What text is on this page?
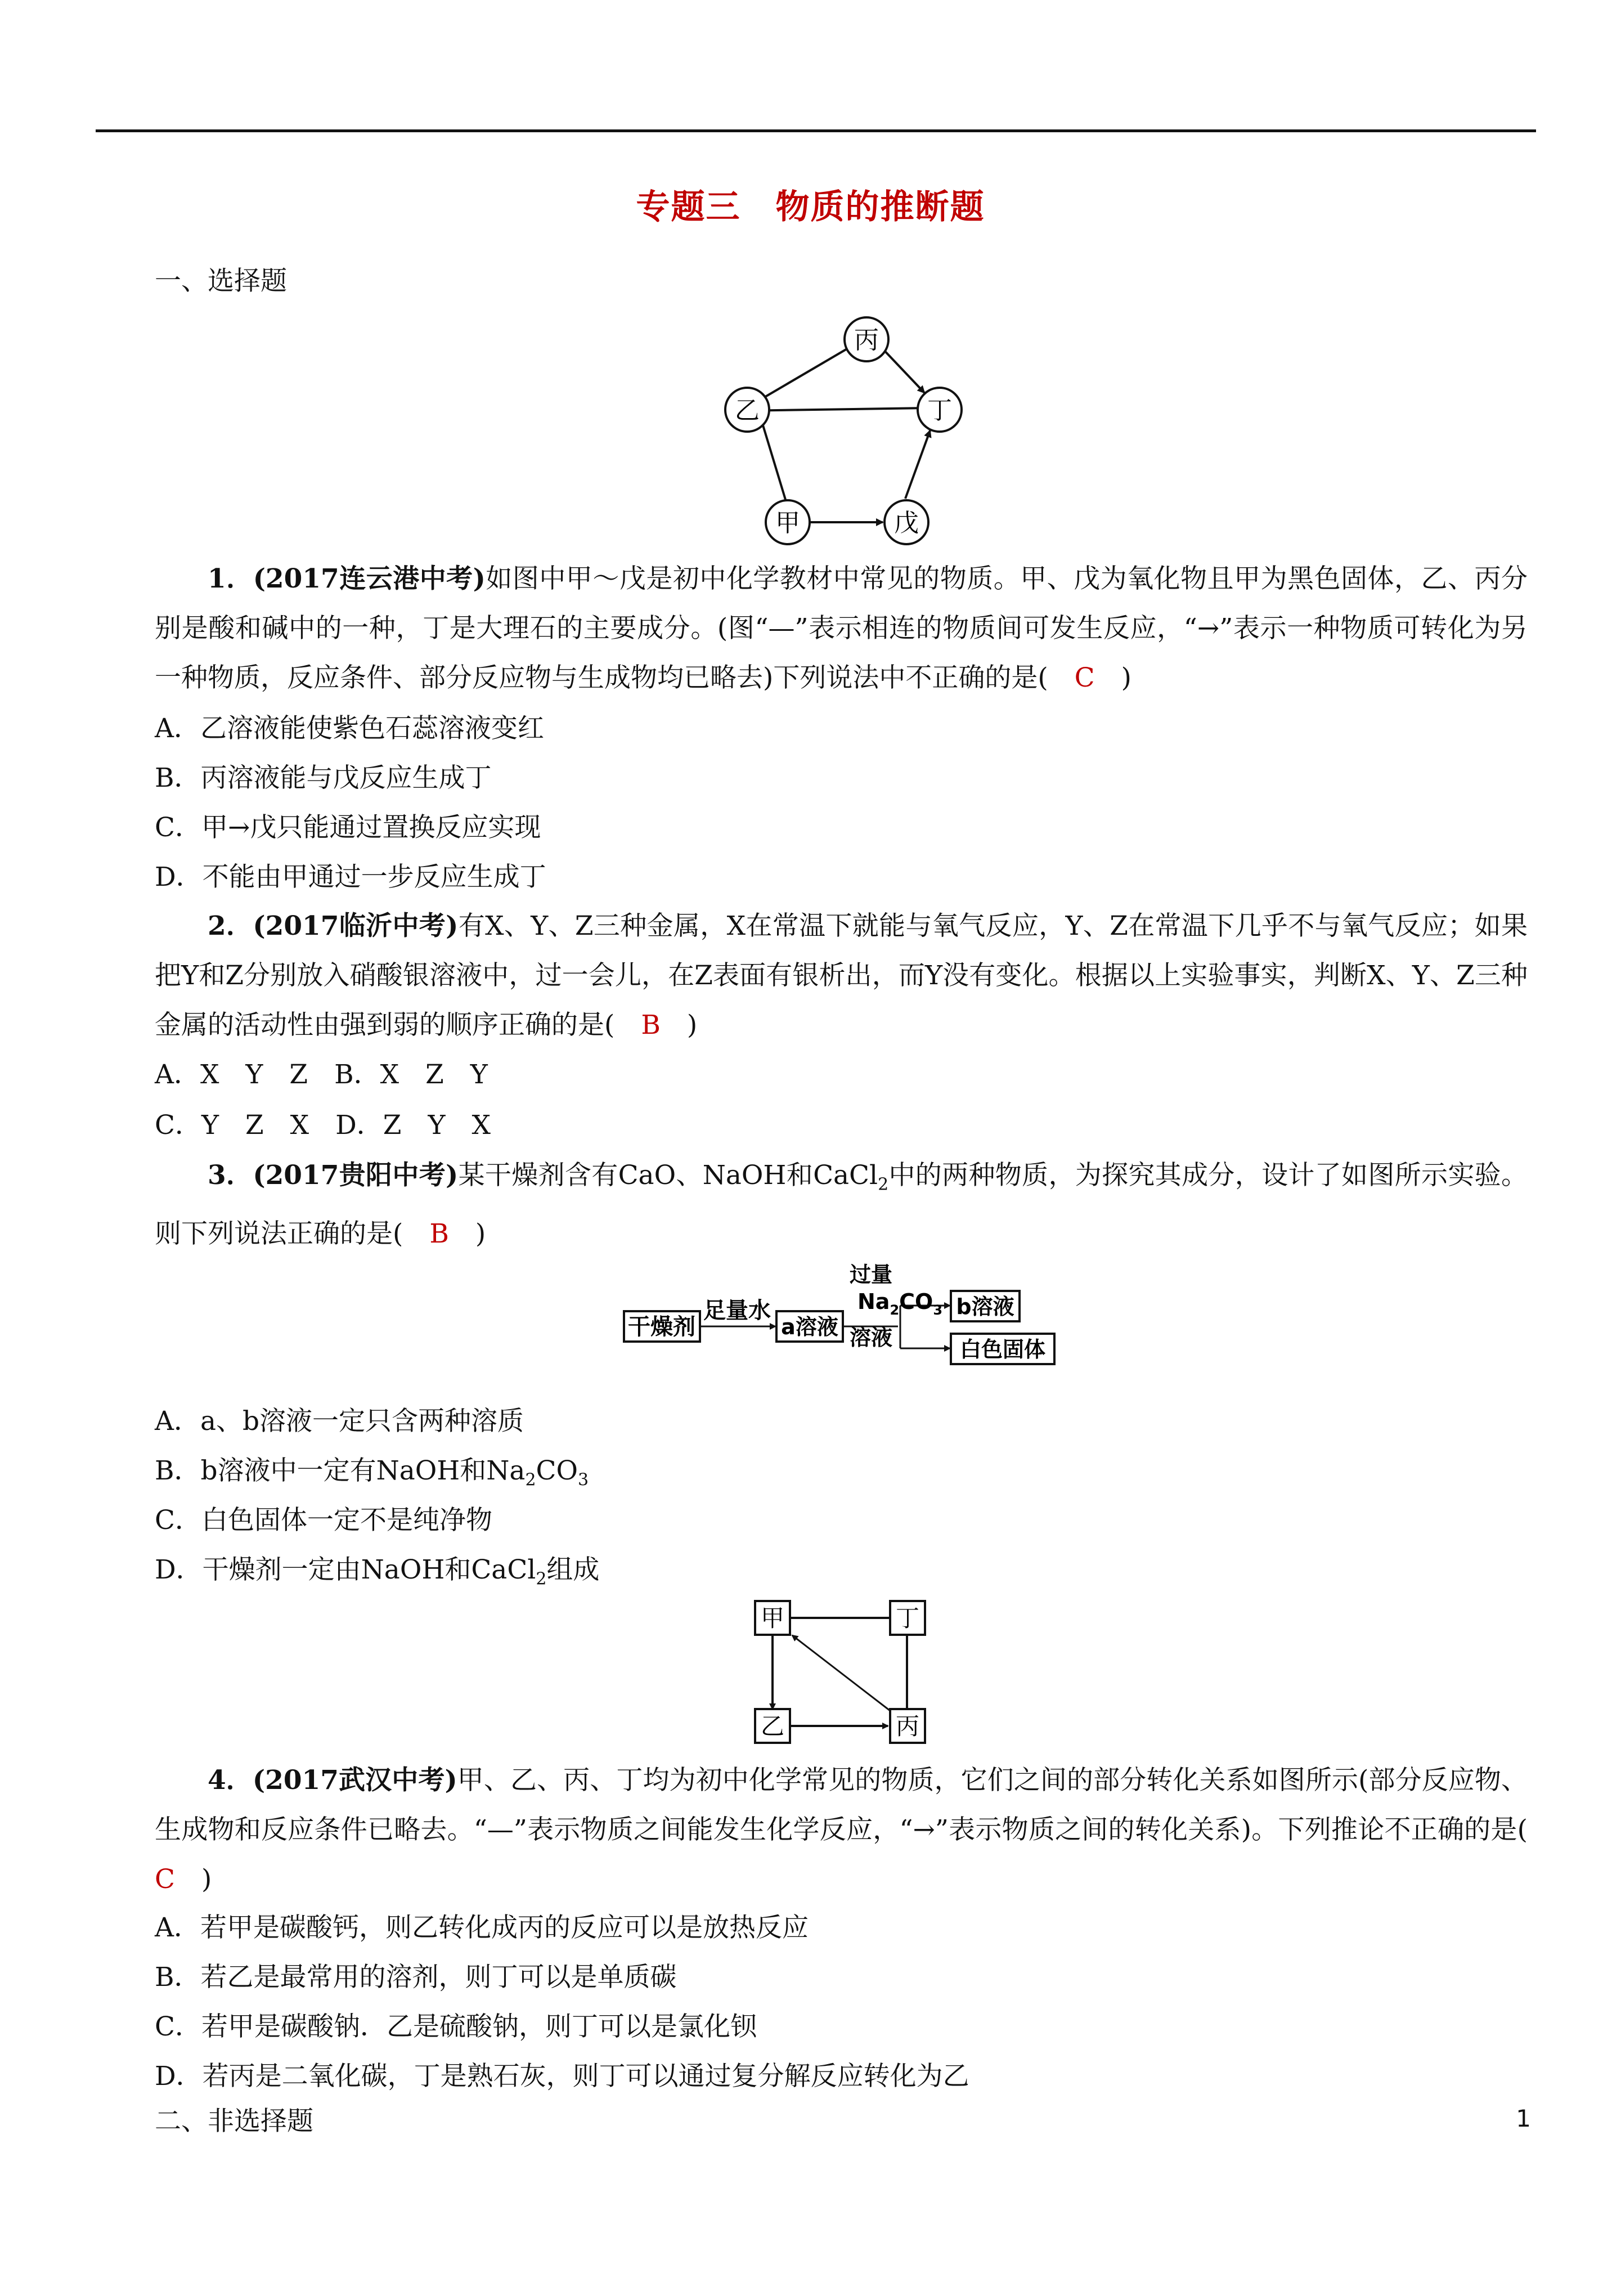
专题三　物质的推断题
一、选择题
丙
丁
乙
甲	戊
1．(2017连云港中考)如图中甲～戊是初中化学教材中常见的物质。甲、戊为氧化物且甲为黑色固体，乙、丙分别是酸和碱中的一种，丁是大理石的主要成分。(图“—”表示相连的物质间可发生反应，“→”表示一种物质可转化为另一种物质，反应条件、部分反应物与生成物均已略去)下列说法中不正确的是(　C　)
A．乙溶液能使紫色石蕊溶液变红
B．丙溶液能与戊反应生成丁
C．甲→戊只能通过置换反应实现
D．不能由甲通过一步反应生成丁
2．(2017临沂中考)有X、Y、Z三种金属，X在常温下就能与氧气反应，Y、Z在常温下几乎不与氧气反应；如果把Y和Z分别放入硝酸银溶液中，过一会儿，在Z表面有银析出，而Y没有变化。根据以上实验事实，判断X、Y、Z三种金属的活动性由强到弱的顺序正确的是(　B　)
A．X　Y　Z　B．X　Z　Y
C．Y　Z　X　D．Z　Y　X
3．(2017贵阳中考)某干燥剂含有CaO、NaOH和CaCl$_2$中的两种物质，为探究其成分，设计了如图所示实验。则下列说法正确的是(　B　)
干燥剂
足量水
a溶液
过量
$Na_2CO_3$
溶液
b溶液
白色固体
A．a、b溶液一定只含两种溶质
B．b溶液中一定有NaOH和$Na_2CO_3$
C．白色固体一定不是纯净物
D．干燥剂一定由NaOH和CaCl$_2$组成
甲	丁
乙	丙
4．(2017武汉中考)甲、乙、丙、丁均为初中化学常见的物质，它们之间的部分转化关系如图所示(部分反应物、生成物和反应条件已略去。“—”表示物质之间能发生化学反应，“→”表示物质之间的转化关系)。下列推论不正确的是(　C　)
A．若甲是碳酸钙，则乙转化成丙的反应可以是放热反应
B．若乙是最常用的溶剂，则丁可以是单质碳
C．若甲是碳酸钠．乙是硫酸钠，则丁可以是氯化钡
D．若丙是二氧化碳，丁是熟石灰，则丁可以通过复分解反应转化为乙
二、非选择题	1
